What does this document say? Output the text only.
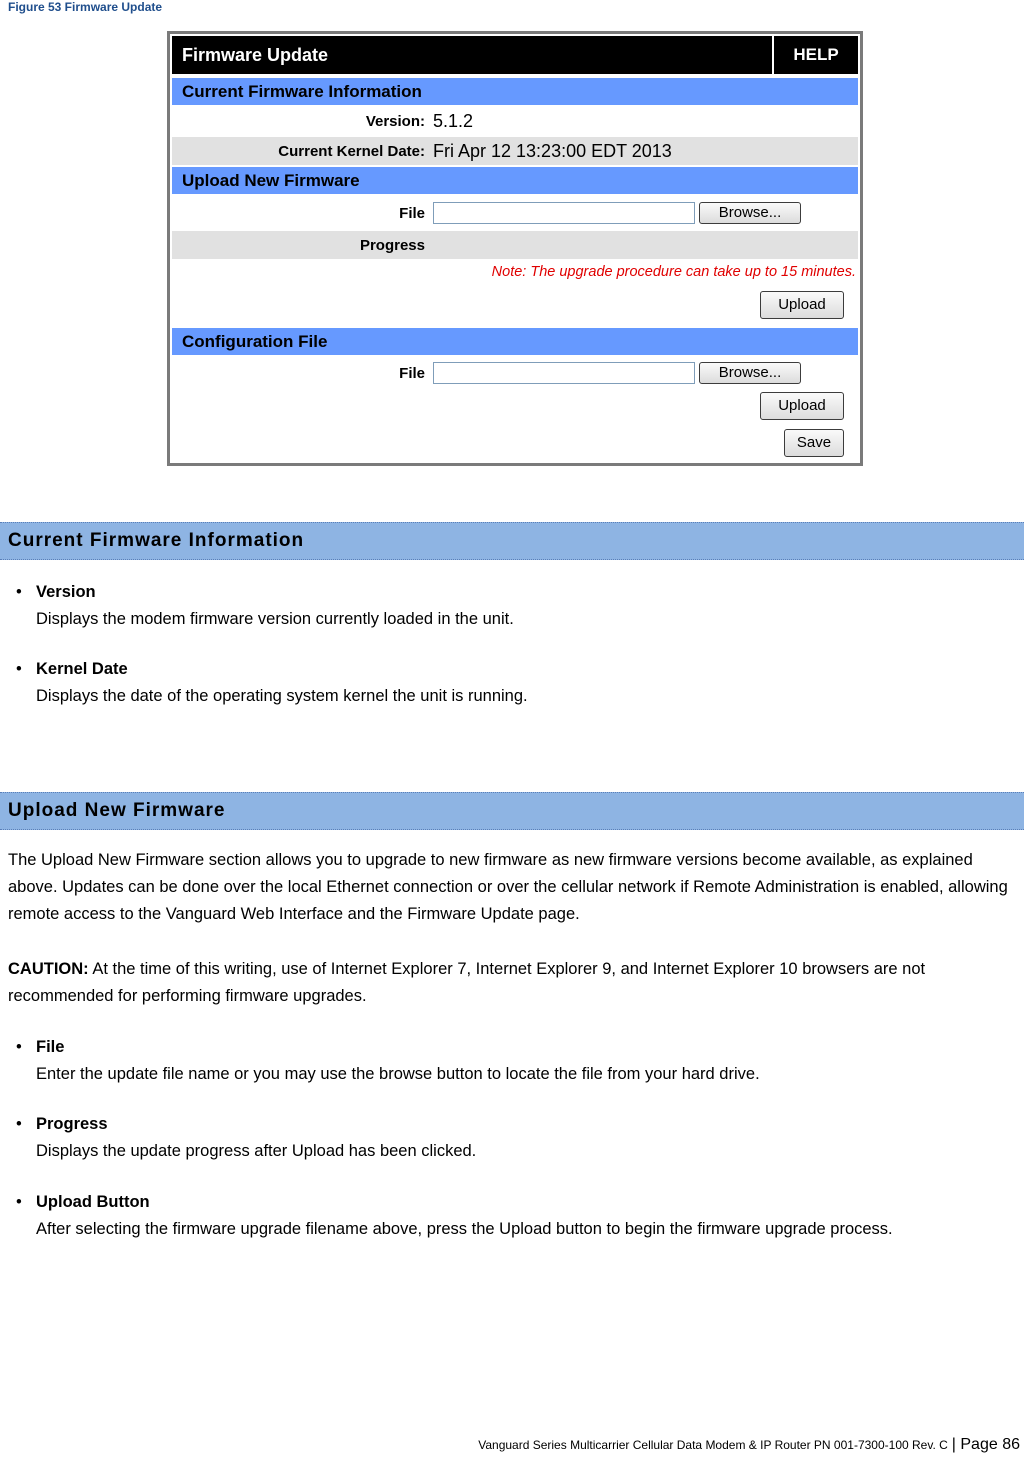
Figure 53 Firmware Update
Firmware Update	HELP
Current Firmware Information
Version: 5.1.2
Current Kernel Date: Fri Apr 12 13:23:00 EDT 2013
Upload New Firmware
File	Browse...
Progress
Note: The upgrade procedure can take up to 15 minutes.
Upload
Configuration File
File	Browse...
Upload
Save
Current Firmware Information
• Version
Displays the modem firmware version currently loaded in the unit.
• Kernel Date
Displays the date of the operating system kernel the unit is running.
Upload New Firmware
The Upload New Firmware section allows you to upgrade to new firmware as new firmware versions become available, as explained above. Updates can be done over the local Ethernet connection or over the cellular network if Remote Administration is enabled, allowing remote access to the Vanguard Web Interface and the Firmware Update page.
CAUTION: At the time of this writing, use of Internet Explorer 7, Internet Explorer 9, and Internet Explorer 10 browsers are not recommended for performing firmware upgrades.
• File
Enter the update file name or you may use the browse button to locate the file from your hard drive.
• Progress
Displays the update progress after Upload has been clicked.
• Upload Button
After selecting the firmware upgrade filename above, press the Upload button to begin the firmware upgrade process.
Vanguard Series Multicarrier Cellular Data Modem & IP Router PN 001-7300-100 Rev. C | Page 86
